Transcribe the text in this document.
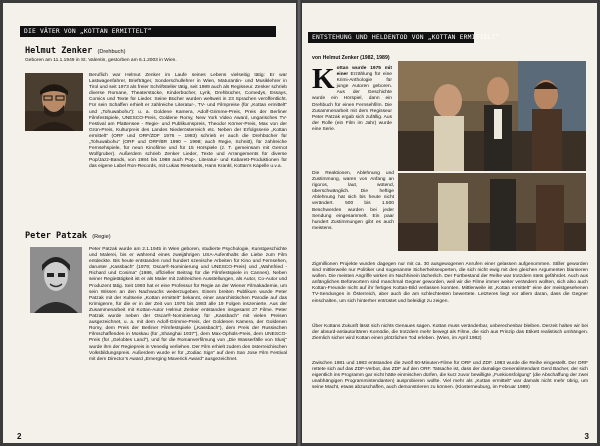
DIE VÄTER VON „KOTTAN ERMITTELT“
Helmut Zenker (Drehbuch)
Geboren am 11.1.1949 in St. Valentin, gestorben am 6.1.2003 in Wien.
Beruflich war Helmut Zenker im Laufe seines Lebens vielseitig tätig: Er war Lastwagenfahrer, Briefträger, Sonderschullehrer in Wien, Maturantin- und Musiklehrer in Tirol und seit 1973 als freier Schriftsteller tätig, seit 1989 auch als Regisseur. Zenker schrieb diverse Romane, Theaterstücke, Kinderbücher, Lyrik, Drehbücher, Comedys, Essays, Comics und Texte für Lieder. Seine Bücher wurden weltweit in 23 Sprachen veröffentlicht. Für sein Schaffen erhielt er zahlreiche Literatur-, TV- und Filmpreise (für „Kottan ermittelt“ und „Tohuwabohu“): u. a. Goldene Kamera, Adolf-Grimme-Preis, Preis der Berliner Filmfestspiele, UNESCO-Preis, Goldene Romy, New York Video Award, ungarisches TV-Festival am Plattensee - Regie- und Publikumspreis, Theodor Körner-Preis, Max von der Grün-Preis, Kulturpreis des Landes Niederösterreich etc. Neben der Erfolgsserie „Kottan ermittelt“ (ORF und ORF/ZDF 1976 – 1983) schrieb er auch die Drehbücher für „Tohuwabohu“ (ORF und ORF/BR 1990 – 1998; auch Regie, Schnitt), für zahlreiche Fernsehspiele, für neun Kinofilme und für 15 Hörspiele (z. T. gemeinsam mit Gernot Wolfgruber). Außerdem schrieb Zenker Lieder, Texte und Arrangements für diverse Pop/Jazz-Bands, von 1984 bis 1988 auch Pop-, Literatur- und Kabarett-Produktionen für das eigene Label Ron-Records, mit Lukas Resetarits, Hans Krankl, Kottan’s Kapelle u.v.a.
Peter Patzak (Regie)
Peter Patzak wurde am 2.1.1945 in Wien geboren, studierte Psychologie, Kunstgeschichte und Malerei, bis er während eines zweijährigen USA-Aufenthalts die Liebe zum Film entdeckte. Bis heute entstanden rund hundert szenische Arbeiten für Kino und Fernsehen, darunter „Kassbach“ (1979; Oscar®-Nominierung und UNESCO-Preis) und „Wahnfried - Richard und Cosima“ (1986, offizieller Beitrag für die Filmfestspiele in Cannes). Neben seiner Regietätigkeit ist er als Maler mit zahlreichen Ausstellungen, als Autor, Co-Autor und Produzent tätig. Seit 1993 hat er eine Professur für Regie an der Wiener Filmakademie, um sein Wissen an den Nachwuchs weiterzugeben. Einem breiten Publikum wurde Peter Patzak mit der Kultserie „Kottan ermittelt“ bekannt, einer anarchistischen Parodie auf das Krimigenre, für die er in der Zeit von 1976 bis 1983 alle 19 Folgen inszenierte. Aus der Zusammenarbeit mit Kottan-Autor Helmut Zenker entstanden insgesamt 27 Filme. Peter Patzak wurde neben der Oscar®-Nominierung für „Kassbach“ mit vielen Preisen ausgezeichnet, u. a. mit dem Adolf-Grimme-Preis, der Goldenen Kamera, der Goldenen Romy, dem Preis der Berliner Filmfestspiele („Kassbach“), dem Preis der Russischen Filmschaffenden in Moskau (für „Shanghai 1937“), dem Max-Ophüls-Preis, dem UNESCO-Preis (für „Gelobtes Land“), und für die Romanverfilmung von „Die Wasserfälle von Slunj“ wurde ihm der Regiepreis in Venedig verliehen. Der Film erhielt zudem den österreichischen Volksbildungspreis. Außerdem wurde er für „Zodiac Sign“ auf dem San Jose Film Festival mit dem Director’s Award „Emerging Maverick Award“ ausgezeichnet.
2
ENTSTEHUNG UND HELDENTOD VON „KOTTAN ERMITTELT“
von Helmut Zenker (1982, 1989)
Kottan wurde 1975 mit einer Erzählung für eine Krimi-Anthologie für junge Autoren geboren. Aus der Geschichte wurde ein Hörspiel, dann ein Drehbuch für einen Fernsehfilm. Die Zusammenarbeit mit dem Regisseur Peter Patzak ergab sich zufällig. Aus der Rolle (ein Film im Jahr) wurde eine Serie.
Die Reaktionen, Ablehnung und Zustimmung, waren von Anfang an rigoros, laut, wütend, überschwänglich. Die heftige Ablehnung hat sich bis heute nicht verändert. 500 bis 1.500 Beschwerden wurden bei jeder Sendung eingesammelt. Ein paar hundert Zustimmungen gibt es auch meistens.
Zigmillionen Projekte wurden dagegen nur mit ca. 30 ausgewogenen Anrufen einer gelassen aufgenommen. Stiller geworden sind mittlerweile nur Politiker und sogenannte Sicherheitsexperten, die sich nicht ewig mit den gleichen Argumenten blamieren wollen. Die meisten Angriffe wirken im Nachhinein lächerlich. Der Fortbestand der Reihe war trotzdem stets gefährdet. Auch aus anfänglichen Befürwortern sind manchmal Gegner geworden, weil wir die Filme immer weiter verändern wollten, sich also auch Kottan-Freunde nicht auf ihr fertiges Kottan-Bild verlassen konnten. Mittlerweile ist „Kottan ermittelt“ eine der meistgesehenen TV-Sendungen in Österreich, aber auch die am schlechtesten bewertete. Letzteres liegt vor allem daran, dass die Gegner einschalten, um sich hinterher entrüstet und beleidigt zu zeigen.
Über Kottans Zukunft lässt sich nichts Genaues sagen. Kottan muss veränderbar, unberechenbar bleiben. Derzeit halten wir bei der absurd-antiautoritären Komödie, die trotzdem mehr bewegt als Filme, die sich aus Prinzip das Etikett realistisch umhängen. Ziemlich sicher wird Kottan einen plötzlichen Tod erleben. (Wien, im April 1982)
Zwischen 1981 und 1983 entstanden die zwölf 60-Minuten-Filme für ORF und ZDF. 1983 wurde die Reihe eingestellt. Der ORF rettete sich auf das ZDF-Verbot, das ZDF auf den ORF. Tatsache ist, dass der damalige Generalintendant Gerd Bacher, der sich eigentlich ins Programm gar nicht hätte einmischen dürfen, die kurz zuvor bewilligte „Funkionsfolgung“ (die Abschaffung der zwei unabhängigen Programmintendanten) ausprobieren wollte. Viel mehr als „Kottan ermittelt“ war damals nicht mehr übrig, um seine Macht, etwas abzuschaffen, auch demonstrieren zu können. (Klosterneuburg, im Februar 1989)
3
